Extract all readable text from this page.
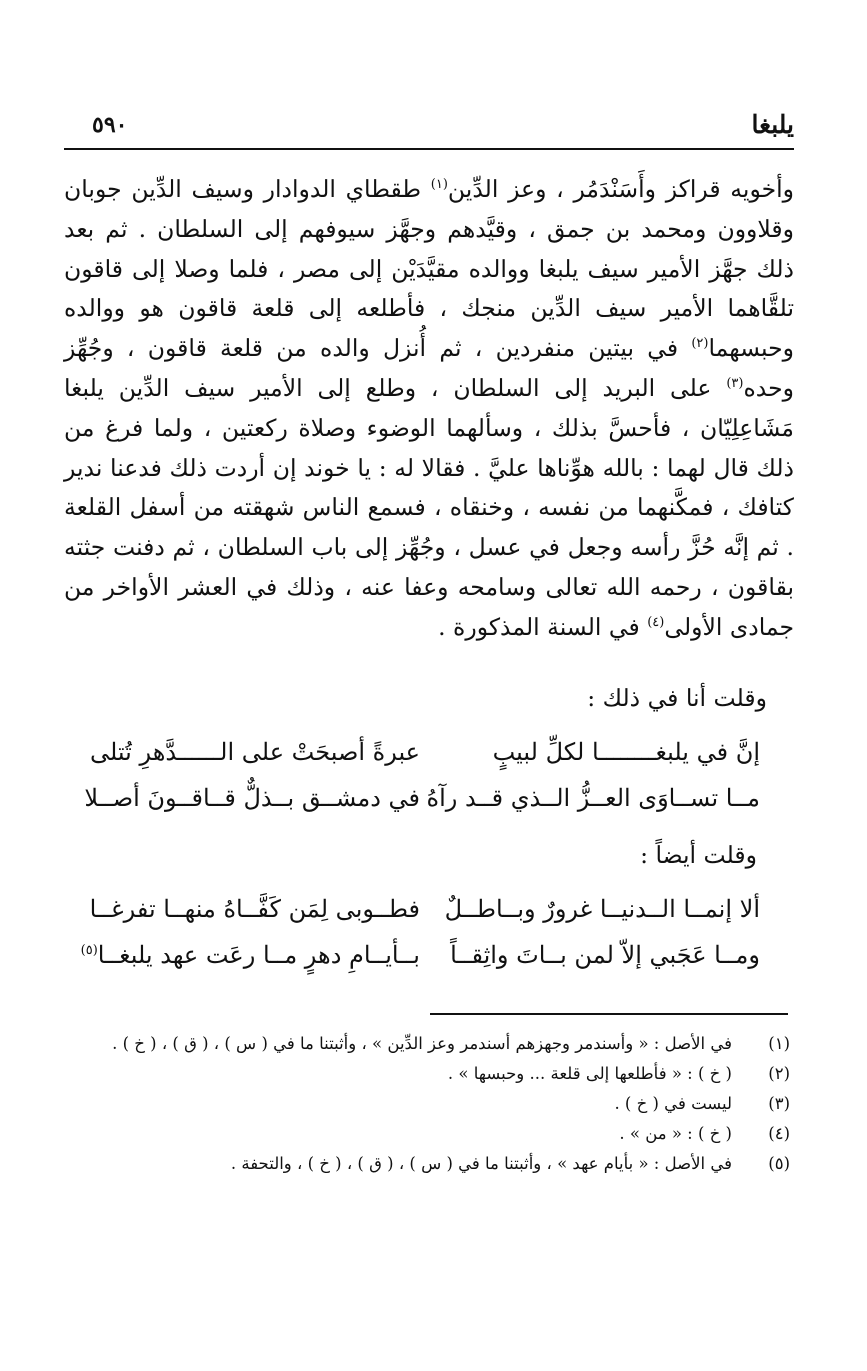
يلبغا
٥٩٠
وأخويه قراكز وأَسَنْدَمُر ، وعز الدِّين$^{(١)}$ طقطاي الدوادار وسيف الدِّين جوبان وقلاوون ومحمد بن جمق ، وقيَّدهم وجهَّز سيوفهم إلى السلطان . ثم بعد ذلك جهَّز الأمير سيف يلبغا ووالده مقيَّدَيْن إلى مصر ، فلما وصلا إلى قاقون تلقَّاهما الأمير سيف الدِّين منجك ، فأطلعه إلى قلعة قاقون هو ووالده وحبسهما$^{(٢)}$ في بيتين منفردين ، ثم أُنزل والده من قلعة قاقون ، وجُهِّز وحده$^{(٣)}$ على البريد إلى السلطان ، وطلع إلى الأمير سيف الدِّين يلبغا مَشَاعِلِيّان ، فأحسَّ بذلك ، وسألهما الوضوء وصلاة ركعتين ، ولما فرغ من ذلك قال لهما : بالله هوِّناها عليَّ . فقالا له : يا خوند إن أردت ذلك فدعنا ندير كتافك ، فمكَّنهما من نفسه ، وخنقاه ، فسمع الناس شهقته من أسفل القلعة . ثم إنَّه حُزَّ رأسه وجعل في عسل ، وجُهِّز إلى باب السلطان ، ثم دفنت جثته بقاقون ، رحمه الله تعالى وسامحه وعفا عنه ، وذلك في العشر الأواخر من جمادى الأولى$^{(٤)}$ في السنة المذكورة .
وقلت أنا في ذلك :
إنَّ في يلبغــــــــا لكلِّ لبيبٍ
عبرةً أصبحَتْ على الــــــدَّهرِ تُتلى
مــا تســاوَى العــزُّ الــذي قــد رآهُ
في دمشــق بــذلٌّ قــاقــونَ أصــلا
وقلت أيضاً :
ألا إنمــا الــدنيــا غرورٌ وبــاطــلٌ
فطــوبى لِمَن كَفَّــاهُ منهــا تفرغــا
ومــا عَجَبي إلاّ لمن بــاتَ واثِقــاً
بــأيــامِ دهرٍ مــا رعَت عهد يلبغــا$^{(٥)}$
(١)
في الأصل : « وأسندمر وجهزهم أسندمر وعز الدِّين » ، وأثبتنا ما في ( س ) ، ( ق ) ، ( خ ) .
(٢)
( خ ) : « فأطلعها إلى قلعة ... وحبسها » .
(٣)
ليست في ( خ ) .
(٤)
( خ ) : « من » .
(٥)
في الأصل : « بأيام عهد » ، وأثبتنا ما في ( س ) ، ( ق ) ، ( خ ) ، والتحفة .
